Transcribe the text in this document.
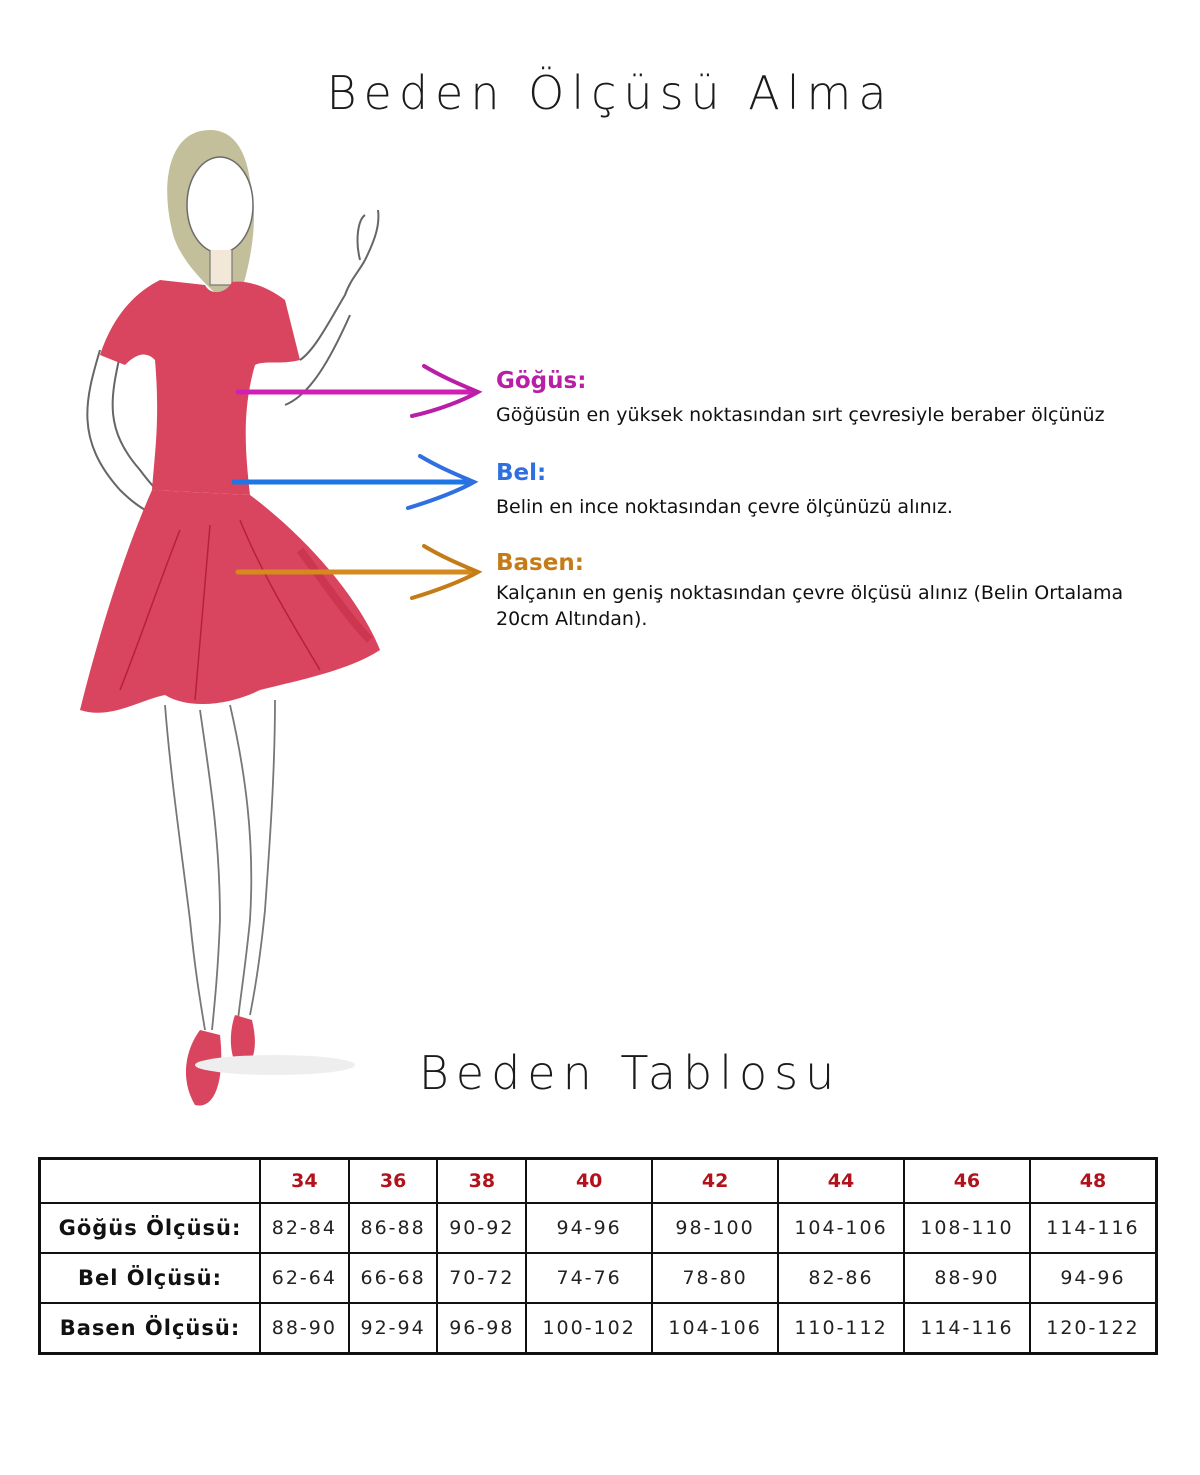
Beden Ölçüsü Alma
Göğüs:
Göğüsün en yüksek noktasından sırt çevresiyle beraber ölçünüz
Bel:
Belin en ince noktasından çevre ölçünüzü alınız.
Basen:
Kalçanın en geniş noktasından çevre ölçüsü alınız (Belin Ortalama
20cm Altından).
Beden Tablosu
	34	36	38	40	42	44	46	48
Göğüs Ölçüsü:	82-84	86-88	90-92	94-96	98-100	104-106	108-110	114-116
Bel Ölçüsü:	62-64	66-68	70-72	74-76	78-80	82-86	88-90	94-96
Basen Ölçüsü:	88-90	92-94	96-98	100-102	104-106	110-112	114-116	120-122
